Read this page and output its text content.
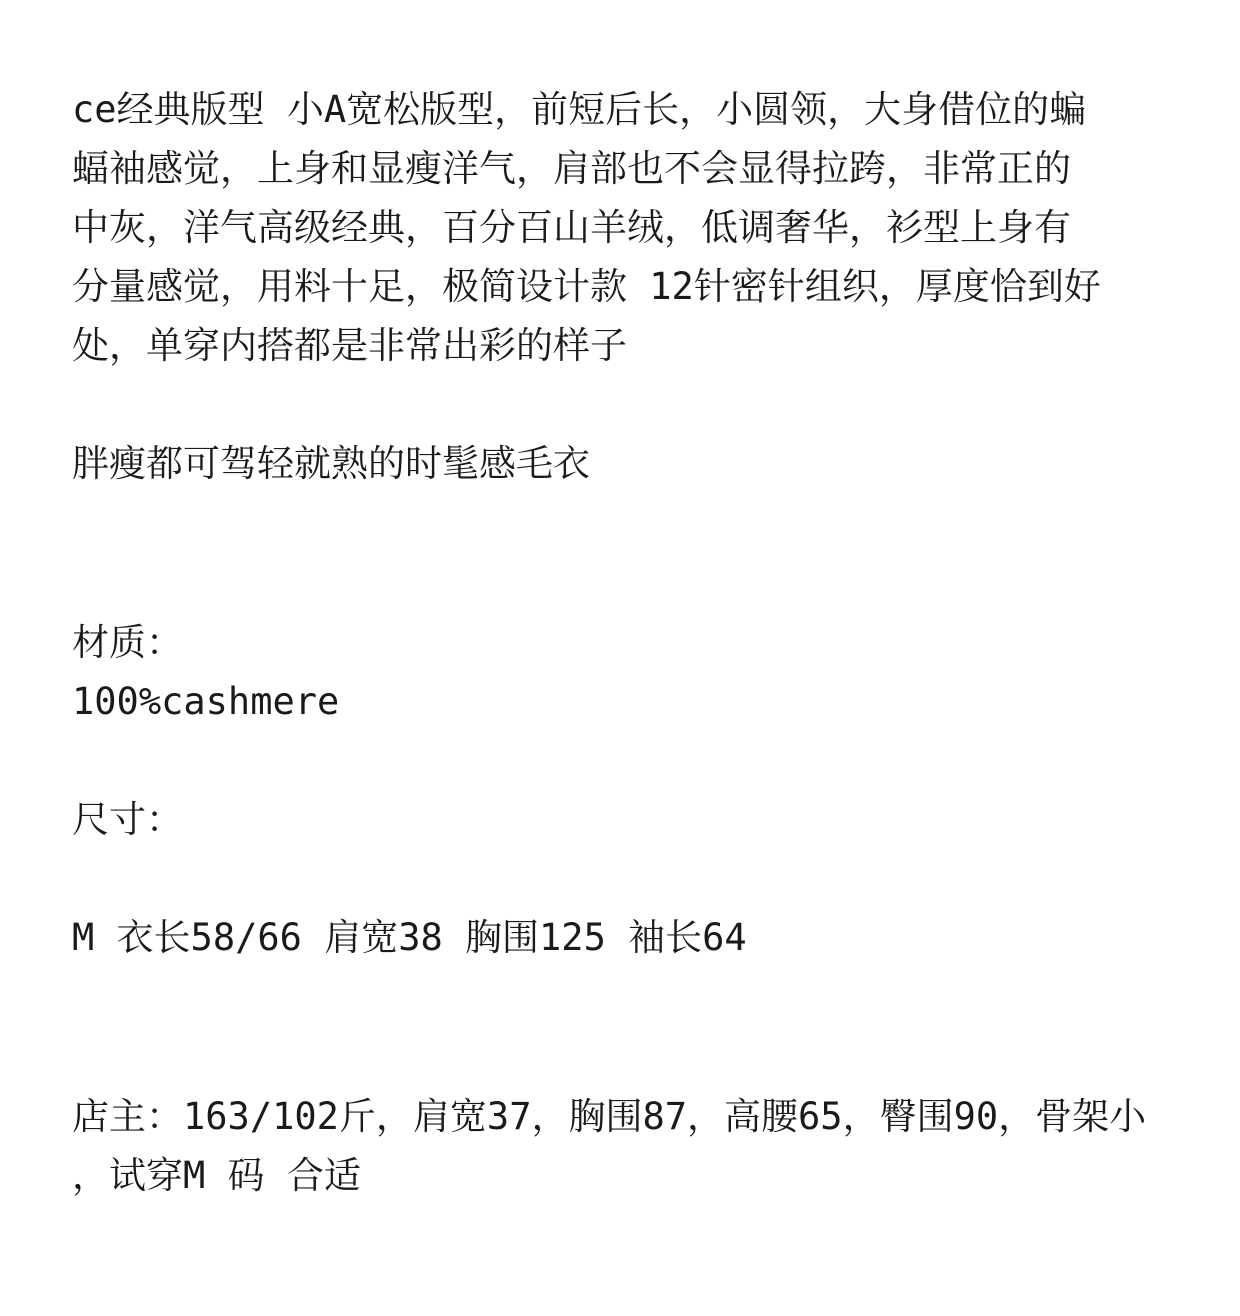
ce经典版型 小A宽松版型，前短后长，小圆领，大身借位的蝙
蝠袖感觉，上身和显瘦洋气，肩部也不会显得拉跨，非常正的
中灰，洋气高级经典，百分百山羊绒，低调奢华，衫型上身有
分量感觉，用料十足，极简设计款 12针密针组织，厚度恰到好
处，单穿内搭都是非常出彩的样子
胖瘦都可驾轻就熟的时髦感毛衣
材质：
100%cashmere
尺寸：
M 衣长58/66 肩宽38 胸围125 袖长64
店主：163/102斤，肩宽37，胸围87，高腰65，臀围90，骨架小
，试穿M 码 合适
